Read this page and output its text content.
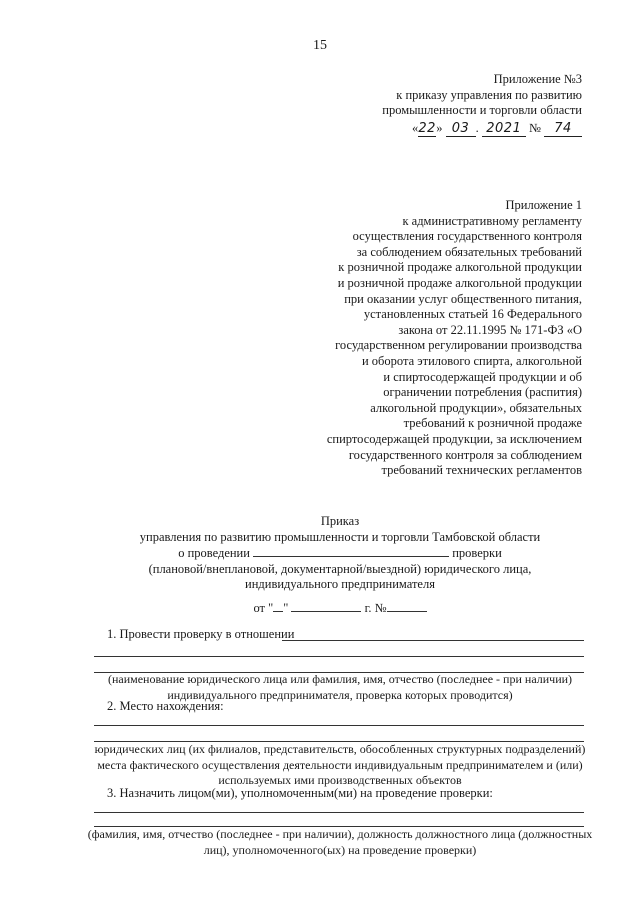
15
Приложение №3
к приказу управления по развитию
промышленности и торговли области
«22» 03 . 2021 № 74
Приложение 1
к административному регламенту
осуществления государственного контроля
за соблюдением обязательных требований
к розничной продаже алкогольной продукции
и розничной продаже алкогольной продукции
при оказании услуг общественного питания,
установленных статьей 16 Федерального
закона от 22.11.1995 № 171-ФЗ «О
государственном регулировании производства
и оборота этилового спирта, алкогольной
и спиртосодержащей продукции и об
ограничении потребления (распития)
алкогольной продукции», обязательных
требований к розничной продаже
спиртосодержащей продукции, за исключением
государственного контроля за соблюдением
требований технических регламентов
Приказ
управления по развитию промышленности и торговли Тамбовской области
о проведении	проверки
(плановой/внеплановой, документарной/выездной) юридического лица,
индивидуального предпринимателя
от " "	г. №
1. Провести проверку в отношении
(наименование юридического лица или фамилия, имя, отчество (последнее - при наличии)
индивидуального предпринимателя, проверка которых проводится)
2. Место нахождения:
юридических лиц (их филиалов, представительств, обособленных структурных подразделений)
места фактического осуществления деятельности индивидуальным предпринимателем и (или)
используемых ими производственных объектов
3. Назначить лицом(ми), уполномоченным(ми) на проведение проверки:
(фамилия, имя, отчество (последнее - при наличии), должность должностного лица (должностных
лиц), уполномоченного(ых) на проведение проверки)
